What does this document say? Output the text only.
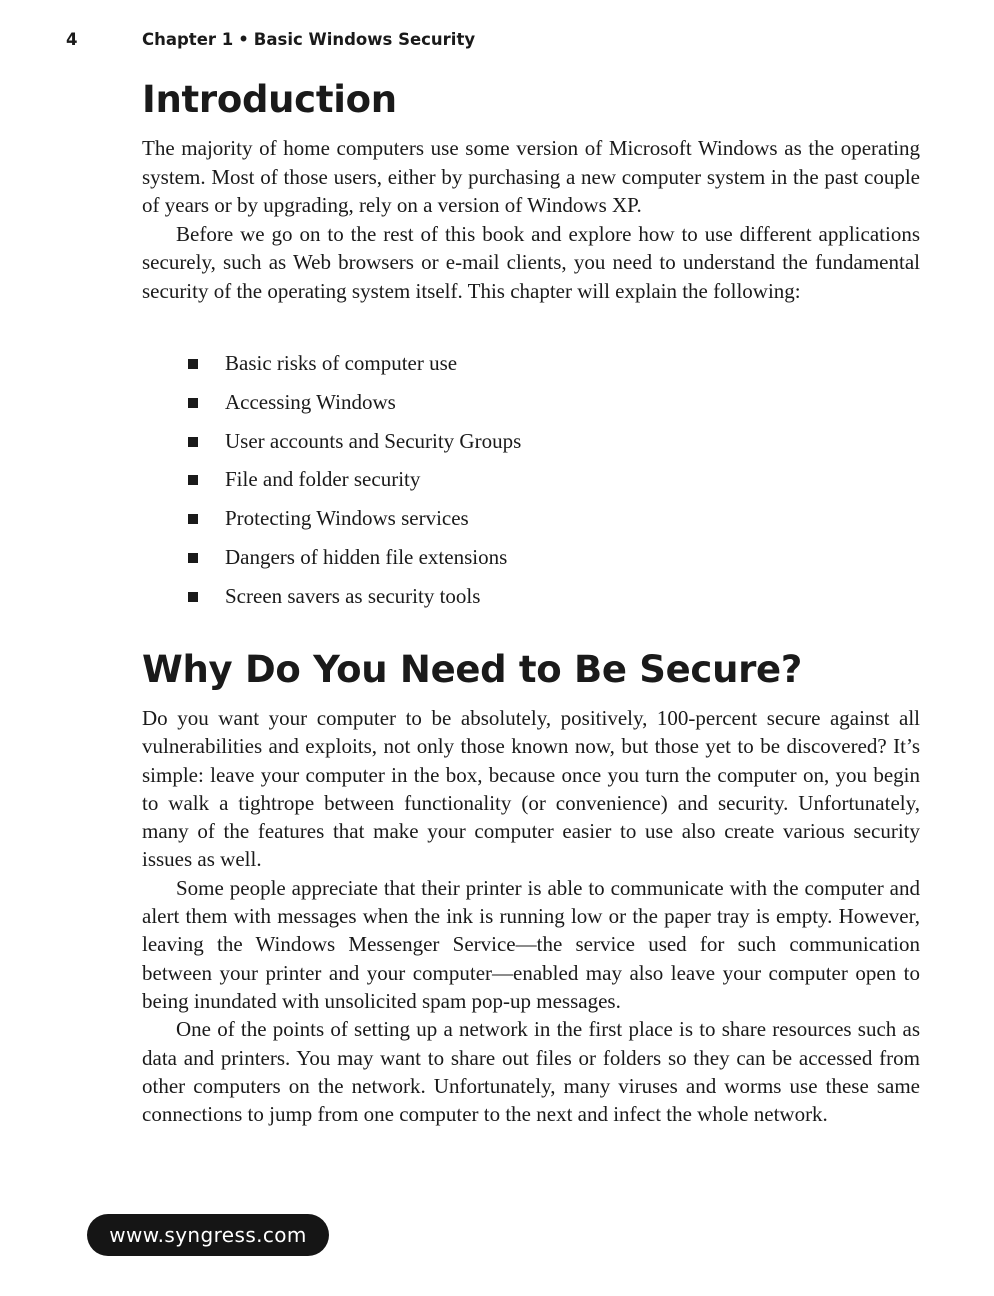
4	Chapter 1 • Basic Windows Security
Introduction

The majority of home computers use some version of Microsoft Windows as the operating system. Most of those users, either by purchasing a new computer system in the past couple of years or by upgrading, rely on a version of Windows XP.

Before we go on to the rest of this book and explore how to use different applications securely, such as Web browsers or e-mail clients, you need to understand the fundamental security of the operating system itself. This chapter will explain the following:

Basic risks of computer use
Accessing Windows
User accounts and Security Groups
File and folder security
Protecting Windows services
Dangers of hidden file extensions
Screen savers as security tools
Why Do You Need to Be Secure?

Do you want your computer to be absolutely, positively, 100-percent secure against all vulnerabilities and exploits, not only those known now, but those yet to be discovered? It’s simple: leave your computer in the box, because once you turn the computer on, you begin to walk a tightrope between functionality (or convenience) and security. Unfortunately, many of the features that make your computer easier to use also create various security issues as well.

Some people appreciate that their printer is able to communicate with the computer and alert them with messages when the ink is running low or the paper tray is empty. However, leaving the Windows Messenger Service—the service used for such communication between your printer and your computer—enabled may also leave your computer open to being inundated with unsolicited spam pop-up messages.

One of the points of setting up a network in the first place is to share resources such as data and printers. You may want to share out files or folders so they can be accessed from other computers on the network. Unfortunately, many viruses and worms use these same connections to jump from one computer to the next and infect the whole network.

www.syngress.com
